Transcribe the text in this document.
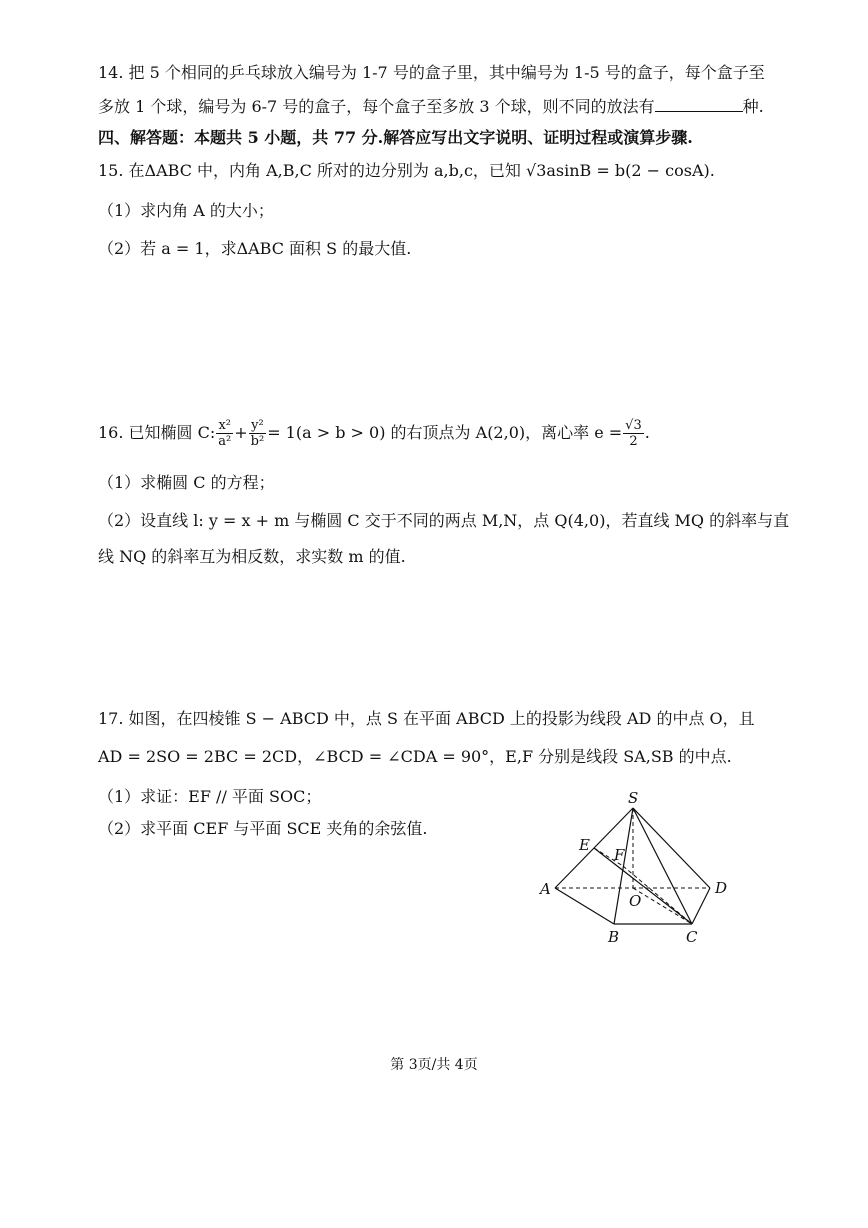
14. 把 5 个相同的乒乓球放入编号为 1-7 号的盒子里，其中编号为 1-5 号的盒子，每个盒子至
多放 1 个球，编号为 6-7 号的盒子，每个盒子至多放 3 个球，则不同的放法有	种.
四、解答题：本题共 5 小题，共 77 分.解答应写出文字说明、证明过程或演算步骤.
15. 在ΔABC 中，内角 A,B,C 所对的边分别为 a,b,c，已知 √3asinB = b(2 − cosA).
（1）求内角 A 的大小；
（2）若 a = 1，求ΔABC 面积 S 的最大值.
16. 已知椭圆 C: $\frac{\text{x²}}{\text{a²}} + \frac{\text{y²}}{\text{b²}} = 1(a > b > 0)$ 的右顶点为 A(2,0)，离心率 $e = \frac{√3}{2}$ .
（1）求椭圆 C 的方程；
（2）设直线 l: y = x + m 与椭圆 C 交于不同的两点 M,N，点 Q(4,0)，若直线 MQ 的斜率与直
线 NQ 的斜率互为相反数，求实数 m 的值.
17. 如图，在四棱锥 S − ABCD 中，点 S 在平面 ABCD 上的投影为线段 AD 的中点 O，且
AD = 2SO = 2BC = 2CD，∠BCD = ∠CDA = 90°，E,F 分别是线段 SA,SB 的中点.
（1）求证：EF // 平面 SOC；
（2）求平面 CEF 与平面 SCE 夹角的余弦值.
S
E
F
A
O
D
B	C
第 3页/共 4页
